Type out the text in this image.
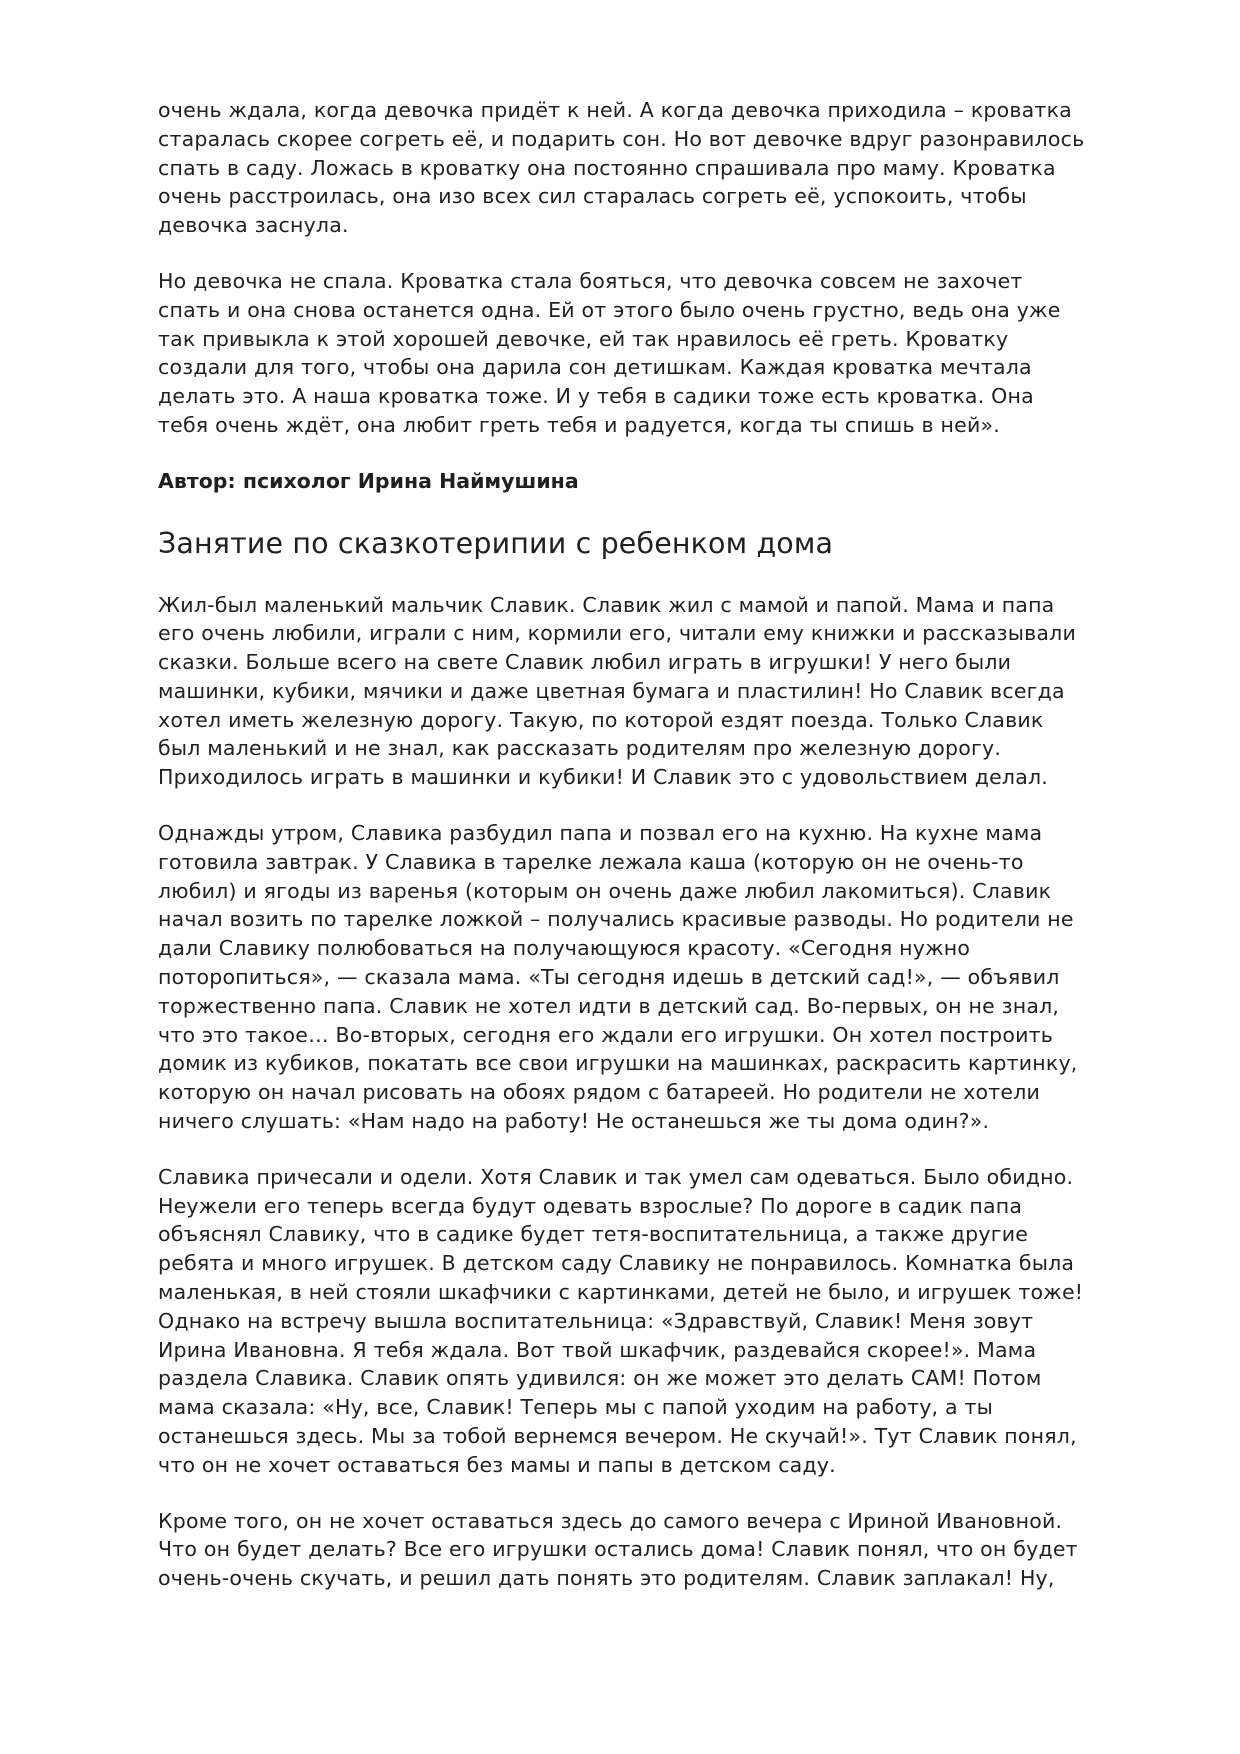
очень ждала, когда девочка придёт к ней. А когда девочка приходила – кроватка старалась скорее согреть её, и подарить сон. Но вот девочке вдруг разонравилось спать в саду. Ложась в кроватку она постоянно спрашивала про маму. Кроватка очень расстроилась, она изо всех сил старалась согреть её, успокоить, чтобы девочка заснула.

Но девочка не спала. Кроватка стала бояться, что девочка совсем не захочет спать и она снова останется одна. Ей от этого было очень грустно, ведь она уже так привыкла к этой хорошей девочке, ей так нравилось её греть. Кроватку создали для того, чтобы она дарила сон детишкам. Каждая кроватка мечтала делать это. А наша кроватка тоже. И у тебя в садики тоже есть кроватка. Она тебя очень ждёт, она любит греть тебя и радуется, когда ты спишь в ней».

Автор: психолог Ирина Наймушина

Занятие по сказкотерипии с ребенком дома

Жил-был маленький мальчик Славик. Славик жил с мамой и папой. Мама и папа его очень любили, играли с ним, кормили его, читали ему книжки и рассказывали сказки. Больше всего на свете Славик любил играть в игрушки! У него были машинки, кубики, мячики и даже цветная бумага и пластилин! Но Славик всегда хотел иметь железную дорогу. Такую, по которой ездят поезда. Только Славик был маленький и не знал, как рассказать родителям про железную дорогу. Приходилось играть в машинки и кубики! И Славик это с удовольствием делал.

Однажды утром, Славика разбудил папа и позвал его на кухню. На кухне мама готовила завтрак. У Славика в тарелке лежала каша (которую он не очень-то любил) и ягоды из варенья (которым он очень даже любил лакомиться). Славик начал возить по тарелке ложкой – получались красивые разводы. Но родители не дали Славику полюбоваться на получающуюся красоту. «Сегодня нужно поторопиться», — сказала мама. «Ты сегодня идешь в детский сад!», — объявил торжественно папа. Славик не хотел идти в детский сад. Во-первых, он не знал, что это такое… Во-вторых, сегодня его ждали его игрушки. Он хотел построить домик из кубиков, покатать все свои игрушки на машинках, раскрасить картинку, которую он начал рисовать на обоях рядом с батареей. Но родители не хотели ничего слушать: «Нам надо на работу! Не останешься же ты дома один?».

Славика причесали и одели. Хотя Славик и так умел сам одеваться. Было обидно. Неужели его теперь всегда будут одевать взрослые? По дороге в садик папа объяснял Славику, что в садике будет тетя-воспитательница, а также другие ребята и много игрушек. В детском саду Славику не понравилось. Комнатка была маленькая, в ней стояли шкафчики с картинками, детей не было, и игрушек тоже! Однако на встречу вышла воспитательница: «Здравствуй, Славик! Меня зовут Ирина Ивановна. Я тебя ждала. Вот твой шкафчик, раздевайся скорее!». Мама раздела Славика. Славик опять удивился: он же может это делать САМ! Потом мама сказала: «Ну, все, Славик! Теперь мы с папой уходим на работу, а ты останешься здесь. Мы за тобой вернемся вечером. Не скучай!». Тут Славик понял, что он не хочет оставаться без мамы и папы в детском саду.

Кроме того, он не хочет оставаться здесь до самого вечера с Ириной Ивановной. Что он будет делать? Все его игрушки остались дома! Славик понял, что он будет очень-очень скучать, и решил дать понять это родителям. Славик заплакал! Ну,
